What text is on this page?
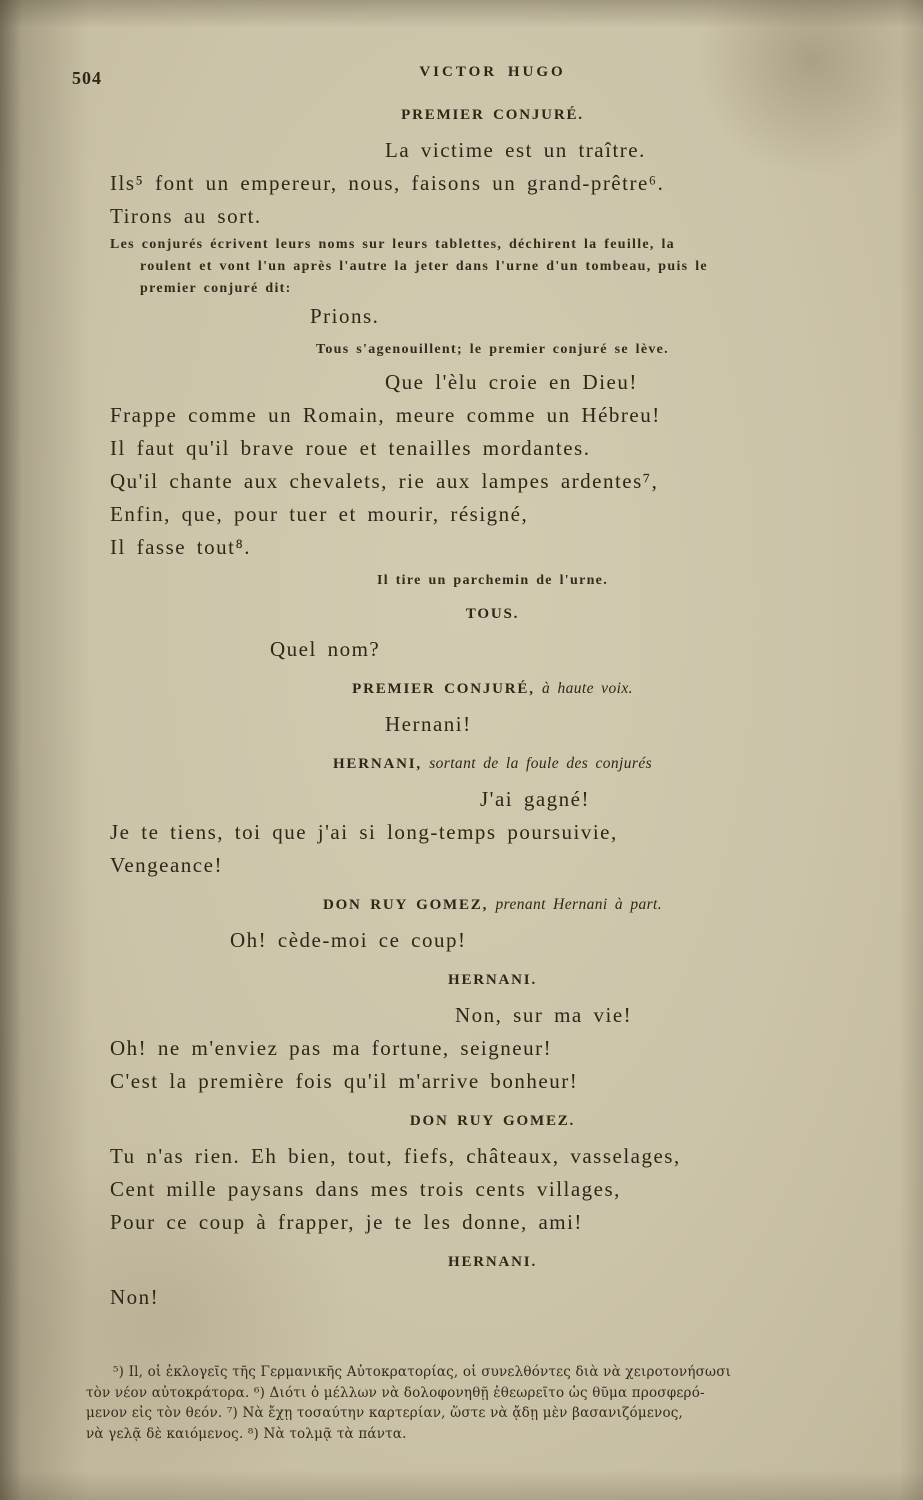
504	VICTOR HUGO
PREMIER CONJURÉ.
La victime est un traître.
Ils⁵ font un empereur, nous, faisons un grand-prêtre⁶.
Tirons au sort.
Les conjurés écrivent leurs noms sur leurs tablettes, déchirent la feuille, la
roulent et vont l'un après l'autre la jeter dans l'urne d'un tombeau, puis le
premier conjuré dit:
Prions.
Tous s'agenouillent; le premier conjuré se lève.
Que l'èlu croie en Dieu!
Frappe comme un Romain, meure comme un Hébreu!
Il faut qu'il brave roue et tenailles mordantes.
Qu'il chante aux chevalets, rie aux lampes ardentes⁷,
Enfin, que, pour tuer et mourir, résigné,
Il fasse tout⁸.
Il tire un parchemin de l'urne.
TOUS.
Quel nom?
PREMIER CONJURÉ, à haute voix.
Hernani!
HERNANI, sortant de la foule des conjurés
J'ai gagné!
Je te tiens, toi que j'ai si long-temps poursuivie,
Vengeance!
DON RUY GOMEZ, prenant Hernani à part.
Oh! cède-moi ce coup!
HERNANI.
Non, sur ma vie!
Oh! ne m'enviez pas ma fortune, seigneur!
C'est la première fois qu'il m'arrive bonheur!
DON RUY GOMEZ.
Tu n'as rien. Eh bien, tout, fiefs, châteaux, vasselages,
Cent mille paysans dans mes trois cents villages,
Pour ce coup à frapper, je te les donne, ami!
HERNANI.
Non!
⁵) Il, οἱ ἐκλογεῖς τῆς Γερμανικῆς Αὐτοκρατορίας, οἱ συνελθόντες διὰ νὰ χειροτονήσωσι
τὸν νέον αὐτοκράτορα. ⁶) Διότι ὁ μέλλων νὰ δολοφονηθῇ ἐθεωρεῖτο ὡς θῦμα προσφερό-
μενον εἰς τὸν θεόν. ⁷) Νὰ ἔχῃ τοσαύτην καρτερίαν, ὥστε νὰ ᾄδῃ μὲν βασανιζόμενος,
νὰ γελᾷ δὲ καιόμενος. ⁸) Νὰ τολμᾷ τὰ πάντα.
